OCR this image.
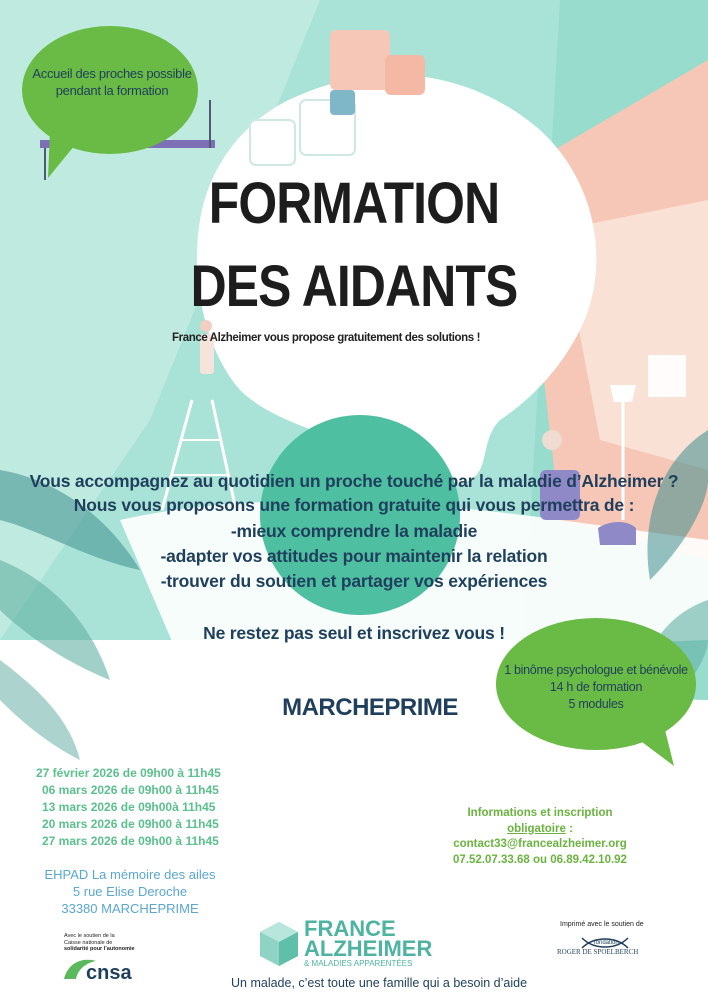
Accueil des proches possible
pendant la formation
1 binôme psychologue et bénévole
14 h de formation
5 modules
FORMATION
DES AIDANTS
France Alzheimer vous propose gratuitement des solutions !
Vous accompagnez au quotidien un proche touché par la maladie d’Alzheimer ?
Nous vous proposons une formation gratuite qui vous permettra de :
-mieux comprendre la maladie
-adapter vos attitudes pour maintenir la relation
-trouver du soutien et partager vos expériences
Ne restez pas seul et inscrivez vous !
MARCHEPRIME
27 février 2026 de 09h00 à 11h45
06 mars 2026 de 09h00 à 11h45
13 mars 2026 de 09h00à 11h45
20 mars 2026 de 09h00 à 11h45
27 mars 2026 de 09h00 à 11h45
EHPAD La mémoire des ailes
5 rue Elise Deroche
33380 MARCHEPRIME
Informations et inscription obligatoire :
contact33@francealzheimer.org
07.52.07.33.68 ou 06.89.42.10.92
Avec le soutien de la
Caisse nationale de
solidarité pour l’autonomie
cnsa
FRANCE
ALZHEIMER
& MALADIES APPARENTÉES
Un malade, c’est toute une famille qui a besoin d’aide
Imprimé avec le soutien de
fondation
ROGER DE SPOELBERCH
